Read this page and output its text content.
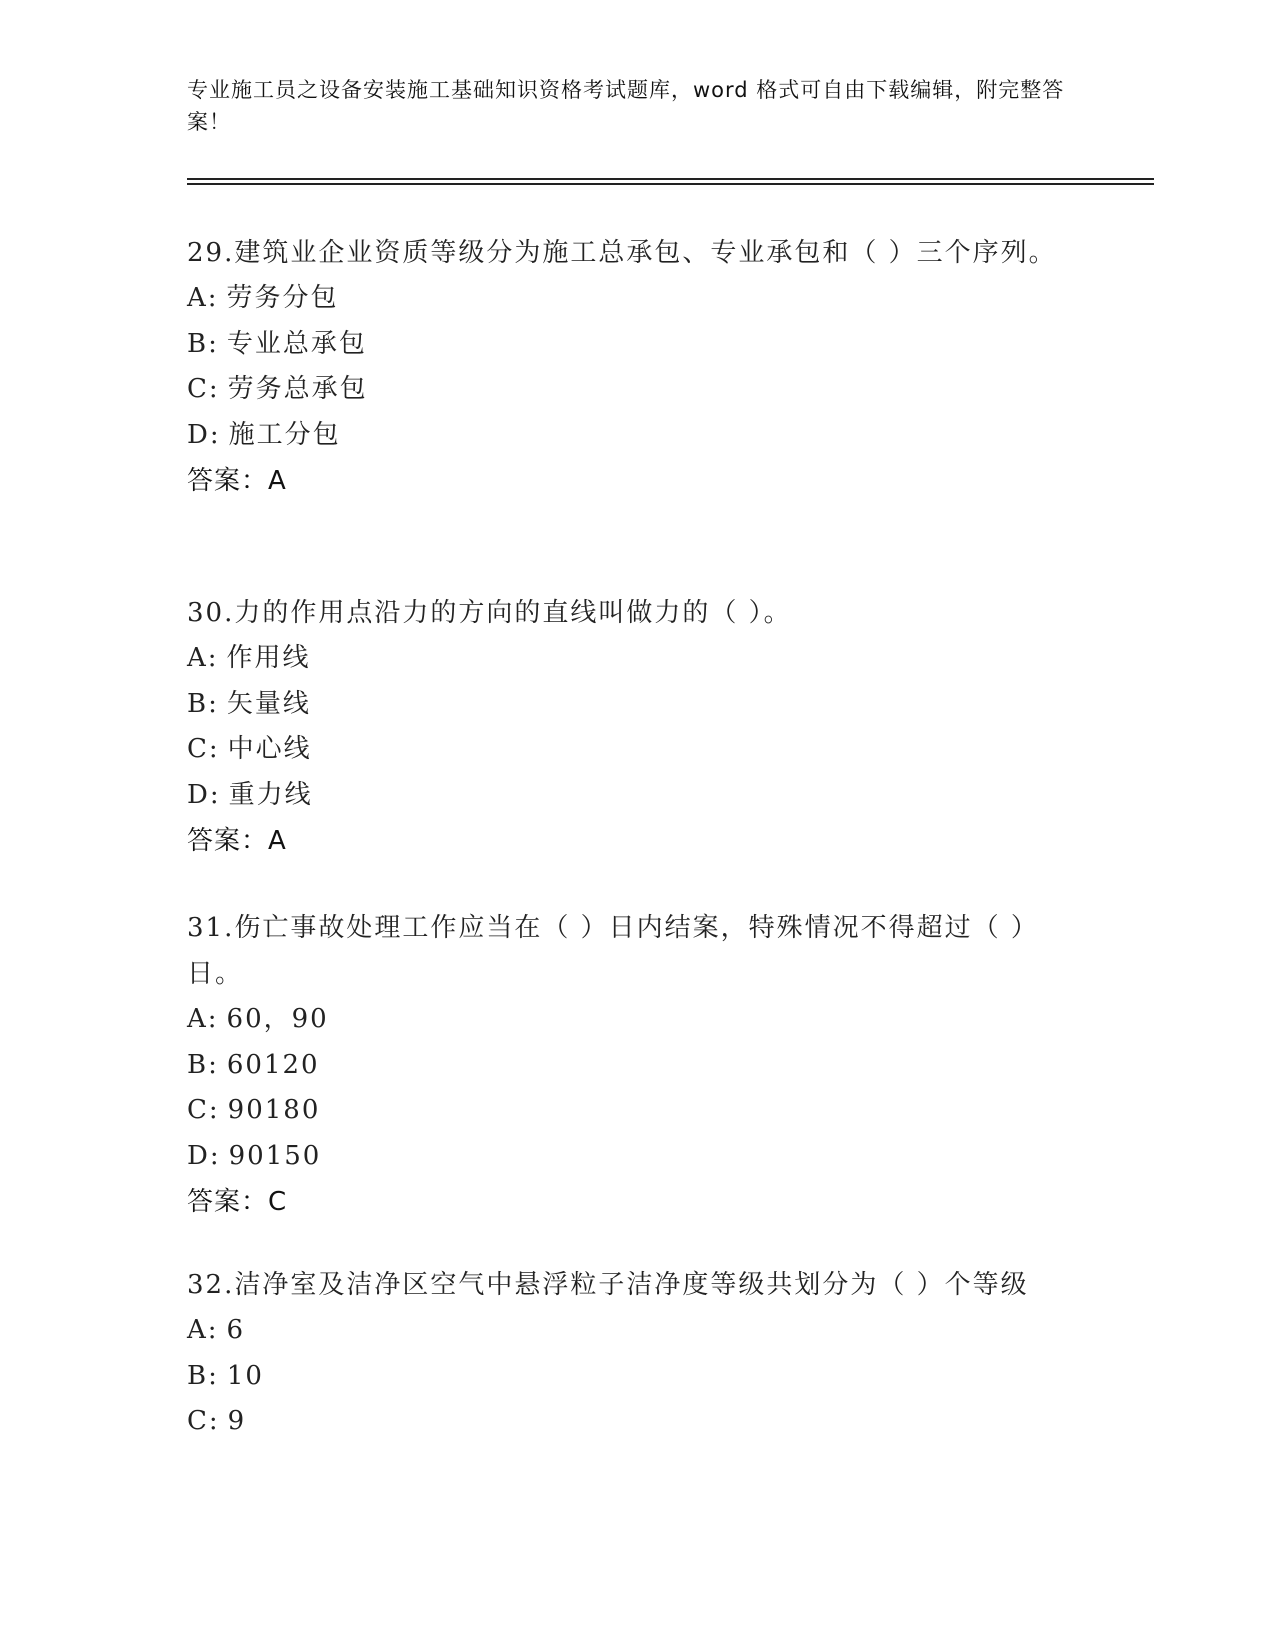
专业施工员之设备安装施工基础知识资格考试题库，word 格式可自由下载编辑，附完整答案！
29.建筑业企业资质等级分为施工总承包、专业承包和（ ）三个序列。
A: 劳务分包
B: 专业总承包
C: 劳务总承包
D: 施工分包
答案：A
30.力的作用点沿力的方向的直线叫做力的（ ）。
A: 作用线
B: 矢量线
C: 中心线
D: 重力线
答案：A
31.伤亡事故处理工作应当在（ ）日内结案，特殊情况不得超过（ ）日。
A: 60，90
B: 60120
C: 90180
D: 90150
答案：C
32.洁净室及洁净区空气中悬浮粒子洁净度等级共划分为（ ）个等级
A: 6
B: 10
C: 9
